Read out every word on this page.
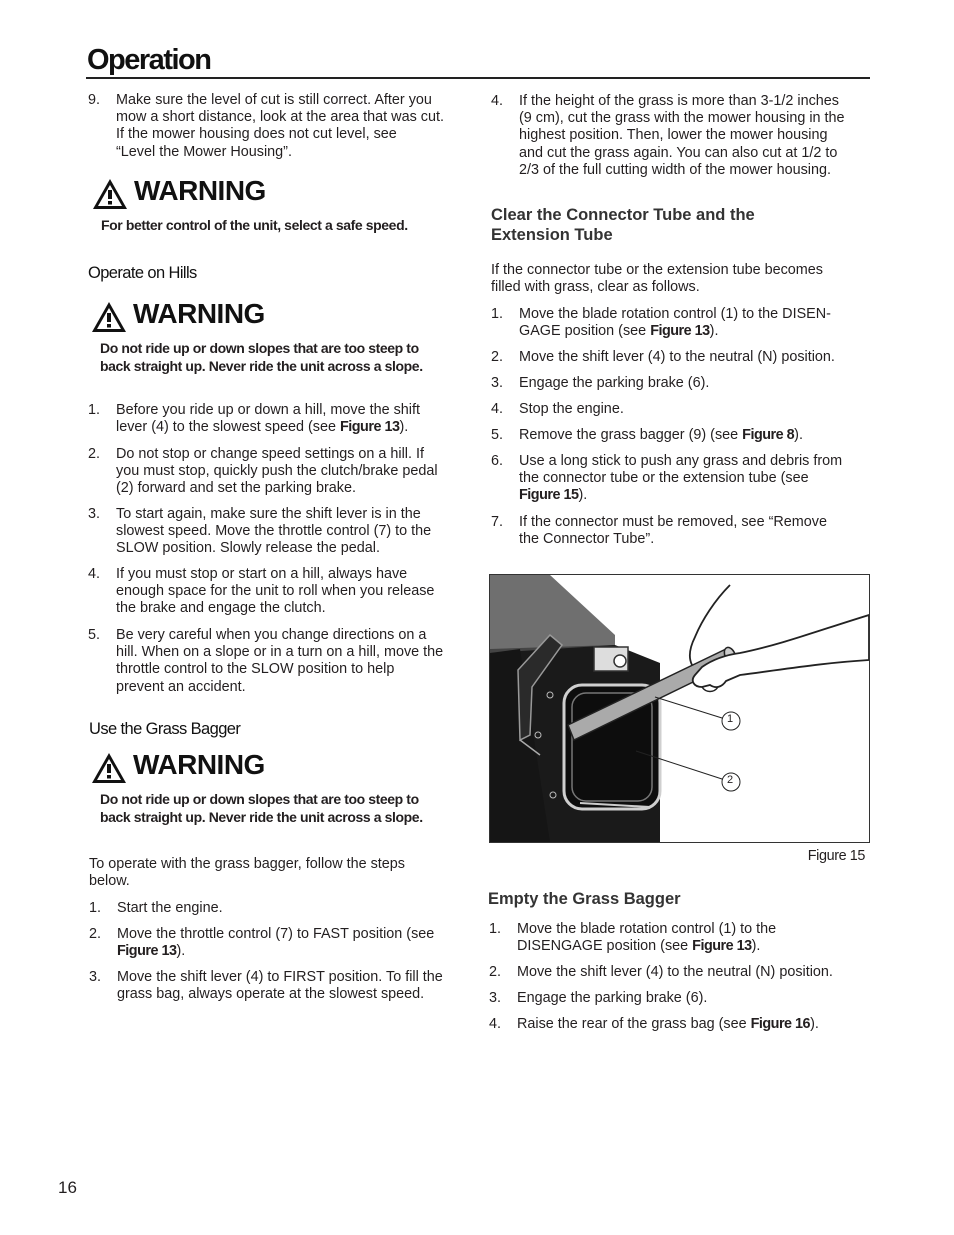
Operation
9.	Make sure the level of cut is still correct. After you
mow a short distance, look at the area that was cut.
If the mower housing does not cut level, see
“Level the Mower Housing”.
WARNING
For better control of the unit, select a safe speed.
Operate on Hills
WARNING
Do not ride up or down slopes that are too steep to
back straight up. Never ride the unit across a slope.
1.	Before you ride up or down a hill, move the shift
lever (4) to the slowest speed (see Figure 13).
2.	Do not stop or change speed settings on a hill. If
you must stop, quickly push the clutch/brake pedal
(2) forward and set the parking brake.
3.	To start again, make sure the shift lever is in the
slowest speed. Move the throttle control (7) to the
SLOW position. Slowly release the pedal.
4.	If you must stop or start on a hill, always have
enough space for the unit to roll when you release
the brake and engage the clutch.
5.	Be very careful when you change directions on a
hill. When on a slope or in a turn on a hill, move the
throttle control to the SLOW position to help
prevent an accident.
Use the Grass Bagger
WARNING
Do not ride up or down slopes that are too steep to
back straight up. Never ride the unit across a slope.
To operate with the grass bagger, follow the steps
below.
1.	Start the engine.
2.	Move the throttle control (7) to FAST position (see
Figure 13).
3.	Move the shift lever (4) to FIRST position. To fill the
grass bag, always operate at the slowest speed.
4.	If the height of the grass is more than 3-1/2 inches
(9 cm), cut the grass with the mower housing in the
highest position. Then, lower the mower housing
and cut the grass again. You can also cut at 1/2 to
2/3 of the full cutting width of the mower housing.
Clear the Connector Tube and the
Extension Tube
If the connector tube or the extension tube becomes
filled with grass, clear as follows.
1.	Move the blade rotation control (1) to the DISEN-
GAGE position (see Figure 13).
2.	Move the shift lever (4) to the neutral (N) position.
3.	Engage the parking brake (6).
4.	Stop the engine.
5.	Remove the grass bagger (9) (see Figure 8).
6.	Use a long stick to push any grass and debris from
the connector tube or the extension tube (see
Figure 15).
7.	If the connector must be removed, see “Remove
the Connector Tube”.
1
2
Figure 15
Empty the Grass Bagger
1.	Move the blade rotation control (1) to the
DISENGAGE position (see Figure 13).
2.	Move the shift lever (4) to the neutral (N) position.
3.	Engage the parking brake (6).
4.	Raise the rear of the grass bag (see Figure 16).
16
